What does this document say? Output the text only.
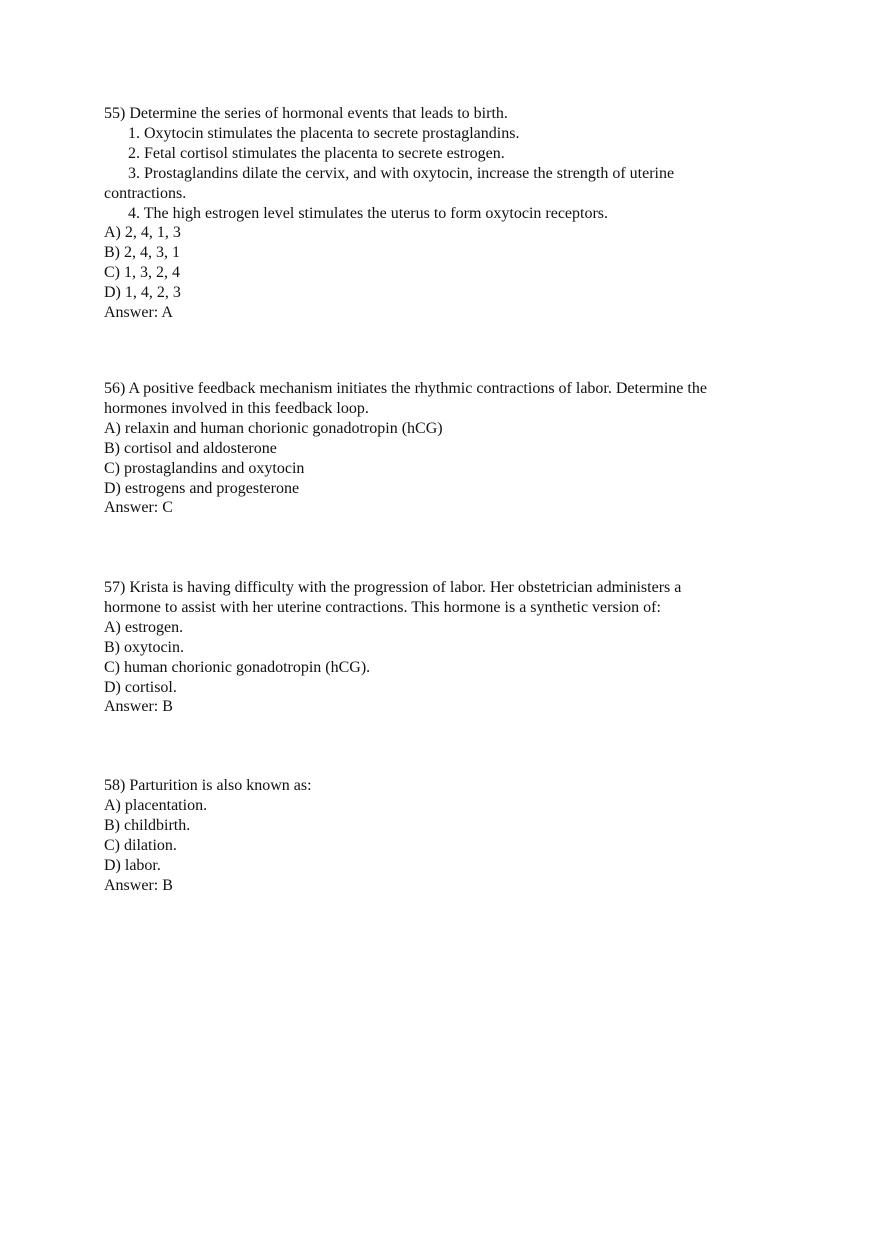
55) Determine the series of hormonal events that leads to birth.
1. Oxytocin stimulates the placenta to secrete prostaglandins.
2. Fetal cortisol stimulates the placenta to secrete estrogen.
3. Prostaglandins dilate the cervix, and with oxytocin, increase the strength of uterine
contractions.
4. The high estrogen level stimulates the uterus to form oxytocin receptors.
A) 2, 4, 1, 3
B) 2, 4, 3, 1
C) 1, 3, 2, 4
D) 1, 4, 2, 3
Answer: A
56) A positive feedback mechanism initiates the rhythmic contractions of labor. Determine the
hormones involved in this feedback loop.
A) relaxin and human chorionic gonadotropin (hCG)
B) cortisol and aldosterone
C) prostaglandins and oxytocin
D) estrogens and progesterone
Answer: C
57) Krista is having difficulty with the progression of labor. Her obstetrician administers a
hormone to assist with her uterine contractions. This hormone is a synthetic version of:
A) estrogen.
B) oxytocin.
C) human chorionic gonadotropin (hCG).
D) cortisol.
Answer: B
58) Parturition is also known as:
A) placentation.
B) childbirth.
C) dilation.
D) labor.
Answer: B
